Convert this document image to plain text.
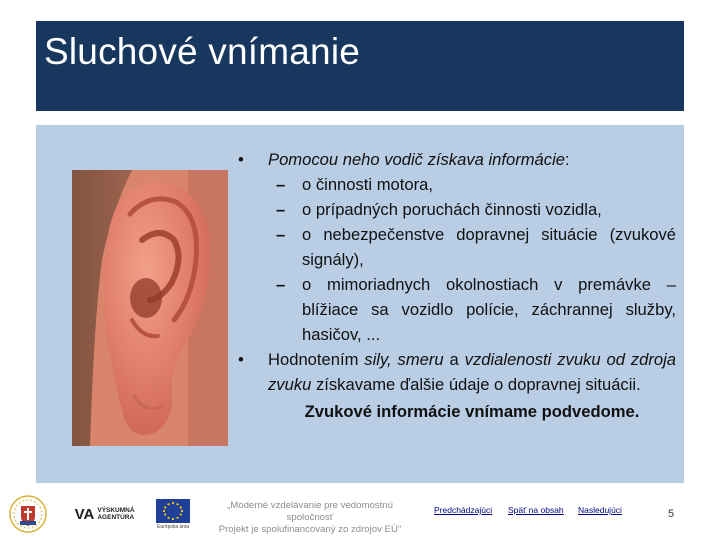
Sluchové vnímanie
• Pomocou neho vodič získava informácie:
– o činnosti motora,
– o prípadných poruchách činnosti vozidla,
– o nebezpečenstve dopravnej situácie (zvukové signály),
– o mimoriadnych okolnostiach v premávke – blížiace sa vozidlo polície, záchrannej služby, hasičov, ...
• Hodnotením sily, smeru a vzdialenosti zvuku od zdroja zvuku získavame ďalšie údaje o dopravnej situácii.
Zvukové informácie vnímame podvedome.
VA VÝSKUMNÁ AGENTÚRA
Európska únia
„Moderné vzdelávanie pre vedomostnú spoločnosť
Projekt je spolufinancovaný zo zdrojov EÚ"
Predchádzajúci Späť na obsah Nasledujúci	5
